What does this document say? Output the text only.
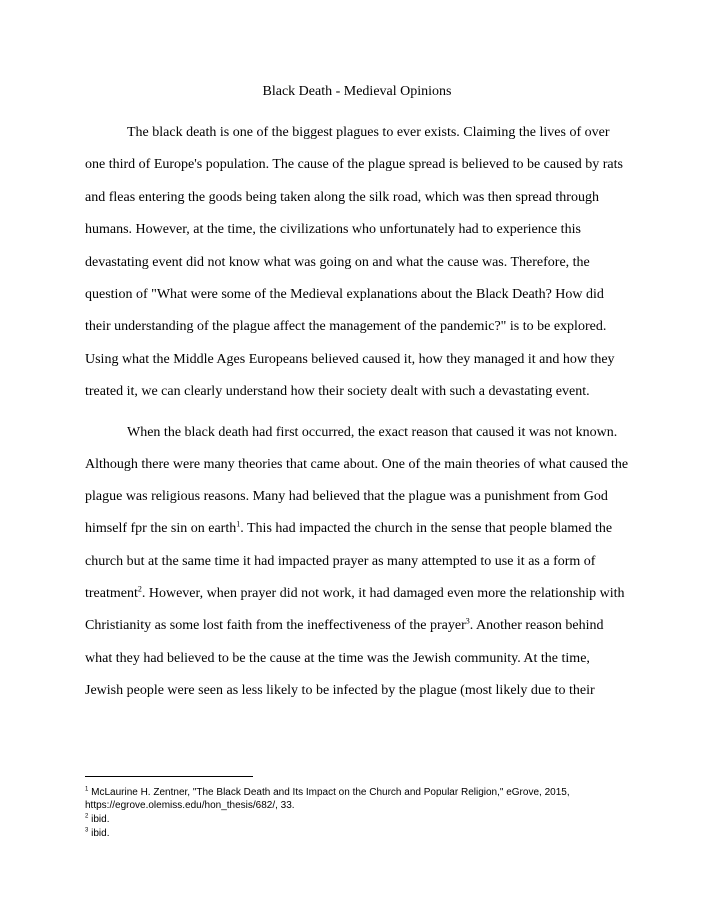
Black Death - Medieval Opinions
The black death is one of the biggest plagues to ever exists. Claiming the lives of over
one third of Europe's population. The cause of the plague spread is believed to be caused by rats
and fleas entering the goods being taken along the silk road, which was then spread through
humans. However, at the time, the civilizations who unfortunately had to experience this
devastating event did not know what was going on and what the cause was. Therefore, the
question of "What were some of the Medieval explanations about the Black Death? How did
their understanding of the plague affect the management of the pandemic?" is to be explored.
Using what the Middle Ages Europeans believed caused it, how they managed it and how they
treated it, we can clearly understand how their society dealt with such a devastating event.
When the black death had first occurred, the exact reason that caused it was not known.
Although there were many theories that came about. One of the main theories of what caused the
plague was religious reasons. Many had believed that the plague was a punishment from God
himself fpr the sin on earth$^1$. This had impacted the church in the sense that people blamed the
church but at the same time it had impacted prayer as many attempted to use it as a form of
treatment$^2$. However, when prayer did not work, it had damaged even more the relationship with
Christianity as some lost faith from the ineffectiveness of the prayer$^3$. Another reason behind
what they had believed to be the cause at the time was the Jewish community. At the time,
Jewish people were seen as less likely to be infected by the plague (most likely due to their
$^1$ McLaurine H. Zentner, "The Black Death and Its Impact on the Church and Popular Religion," eGrove, 2015,
https://egrove.olemiss.edu/hon_thesis/682/, 33.
$^2$ ibid.
$^3$ ibid.
